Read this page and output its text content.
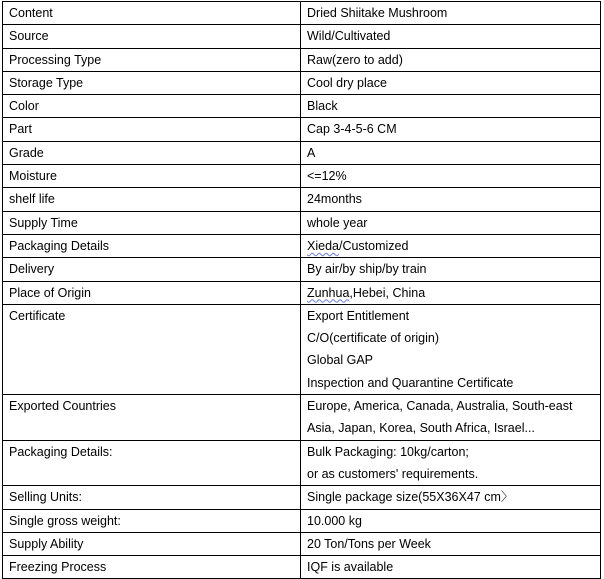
Content	Dried Shiitake Mushroom
Source	Wild/Cultivated
Processing Type	Raw(zero to add)
Storage Type	Cool dry place
Color	Black
Part	Cap 3-4-5-6 CM
Grade	A
Moisture	<=12%
shelf life	24months
Supply Time	whole year
Packaging Details	Xieda/Customized
Delivery	By air/by ship/by train
Place of Origin	Zunhua,Hebei, China
Certificate	Export Entitlement
C/O(certificate of origin)
Global GAP
Inspection and Quarantine Certificate

Exported Countries	Europe, America, Canada, Australia, South-east
Asia, Japan, Korea, South Africa, Israel...

Packaging Details:	Bulk Packaging: 10kg/carton;
or as customers' requirements.

Selling Units:	Single package size(55X36X47 cm〉
Single gross weight:	10.000 kg
Supply Ability	20 Ton/Tons per Week
Freezing Process	IQF is available
